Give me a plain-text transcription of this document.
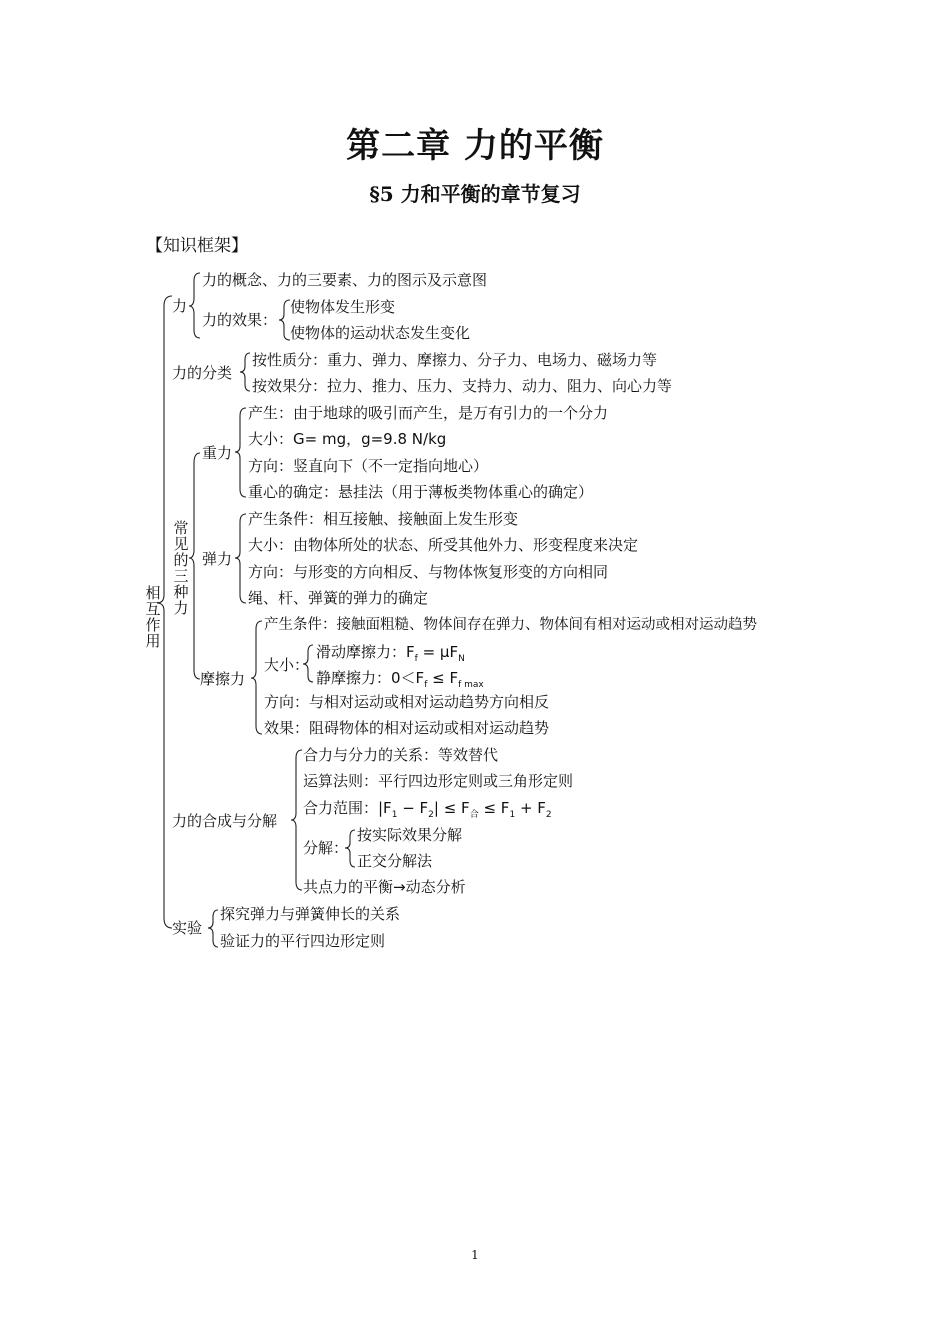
第二章 力的平衡
§5 力和平衡的章节复习
【知识框架】
相互作用
力
力的概念、力的三要素、力的图示及示意图
力的效果：
使物体发生形变
使物体的运动状态发生变化
力的分类
按性质分：重力、弹力、摩擦力、分子力、电场力、磁场力等
按效果分：拉力、推力、压力、支持力、动力、阻力、向心力等
常见的三种力
重力
产生：由于地球的吸引而产生，是万有引力的一个分力
大小：G= mg，g=9.8 N/kg
方向：竖直向下（不一定指向地心）
重心的确定：悬挂法（用于薄板类物体重心的确定）
弹力
产生条件：相互接触、接触面上发生形变
大小：由物体所处的状态、所受其他外力、形变程度来决定
方向：与形变的方向相反、与物体恢复形变的方向相同
绳、杆、弹簧的弹力的确定
摩擦力
产生条件：接触面粗糙、物体间存在弹力、物体间有相对运动或相对运动趋势
大小：
滑动摩擦力：$F_f = \mu F_N$
静摩擦力：$0<F_f \le F_{f max}$
方向：与相对运动或相对运动趋势方向相反
效果：阻碍物体的相对运动或相对运动趋势
力的合成与分解
合力与分力的关系：等效替代
运算法则：平行四边形定则或三角形定则
合力范围：$|F_1 - F_2| \le F_合 \le F_1 + F_2$
分解：
按实际效果分解
正交分解法
共点力的平衡→动态分析
实验
探究弹力与弹簧伸长的关系
验证力的平行四边形定则
1
